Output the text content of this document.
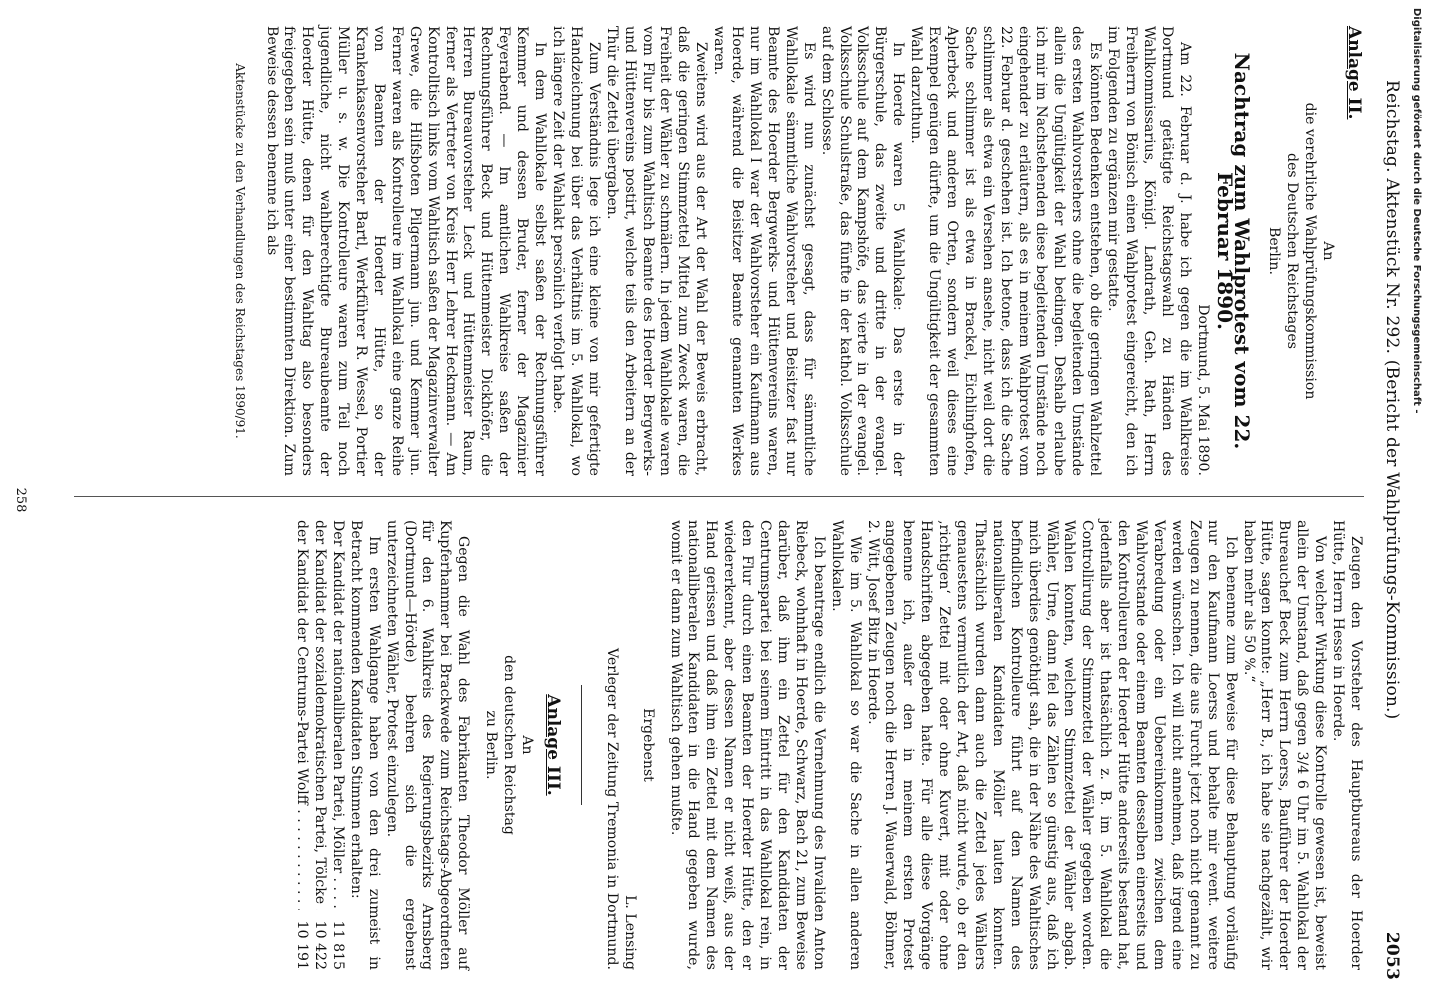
Digitalisierung gefördert durch die Deutsche Forschungsgemeinschaft -
Reichstag. Aktenstück Nr. 292. (Bericht der Wahlprüfungs-Kommission.)
2053

Anlage II.

An

die verehrliche Wahlprüfungskommission

des Deutschen Reichstages

Berlin.

Nachtrag zum Wahlprotest vom 22. Februar 1890.

Dortmund, 5. Mai 1890.

Am 22. Februar d. J. habe ich gegen die im Wahlkreise Dortmund getätigte Reichstagswahl zu Händen des Wahlkommissarius, Königl. Landrath, Geh. Rath, Herrn Freiherrn von Bönisch einen Wahlprotest eingereicht, den ich im Folgenden zu ergänzen mir gestatte.

Es könnten Bedenken entstehen, ob die geringen Wahlzettel des ersten Wahlvorstehers ohne die begleitenden Umstände allein die Ungültigkeit der Wahl bedingen. Deshalb erlaube ich mir im Nachstehenden diese begleitenden Umstände noch eingehender zu erläutern, als es in meinem Wahlprotest vom 22. Februar d. geschehen ist. Ich betone, dass ich die Sache schlimmer als etwa ein Versehen ansehe, nicht weil dort die Sache schlimmer ist als etwa in Brackel, Eichlinghofen, Aplerbeck und anderen Orten, sondern weil dieses eine Exempel genügen dürfte, um die Ungültigkeit der gesammten Wahl darzuthun.

In Hoerde waren 5 Wahllokale: Das erste in der Bürgerschule, das zweite und dritte in der evangel. Volksschule auf dem Kampshöfe, das vierte in der evangel. Volksschule Schulstraße, das fünfte in der kathol. Volksschule auf dem Schlosse.

Es wird nun zunächst gesagt, dass für sämmtliche Wahllokale sämmtliche Wahlvorsteher und Beisitzer fast nur Beamte des Hoerder Bergwerks- und Hüttenvereins waren, nur im Wahllokal I war der Wahlvorsteher ein Kaufmann aus Hoerde, während die Beisitzer Beamte genannten Werkes waren.

Zweitens wird aus der Art der Wahl der Beweis erbracht, daß die geringen Stimmzettel Mittel zum Zweck waren, die Freiheit der Wähler zu schmälern. In jedem Wahllokale waren vom Flur bis zum Wahltisch Beamte des Hoerder Bergwerks- und Hüttenvereins postirt, welche teils den Arbeitern an der Thür die Zettel übergaben.

Zum Verständnis lege ich eine kleine von mir gefertigte Handzeichnung bei über das Verhältnis im 5. Wahllokal, wo ich längere Zeit der Wahlakt persönlich verfolgt habe.

In dem Wahllokale selbst saßen der Rechnungsführer Kemmer und dessen Bruder, ferner der Magazinier Feyerabend. — Im amtlichen Wahlkreise saßen der Rechnungsführer Beck und Hüttenmeister Dickhöfer, die Herren Bureauvorsteher Leck und Hüttenmeister Raum, ferner als Vertreter von Kreis Herr Lehrer Heckmann. — Am Kontrolltisch links vom Wahltisch saßen der Magazinverwalter Grewe, die Hilfsboten Pilgermann jun. und Kemmer jun. Ferner waren als Kontrolleure im Wahllokal eine ganze Reihe von Beamten der Hoerder Hütte, so der Krankenkassenvorsteher Bartl, Werkführer R. Wessel, Portier Müller u. s. w. Die Kontrolleure waren zum Teil noch jugendliche, nicht wahlberechtigte Bureaubeamte der Hoerder Hütte, denen für den Wahltag also besonders freigegeben sein muß unter einer bestimmten Direktion. Zum Beweise dessen benenne ich als

Aktenstücke zu den Verhandlungen des Reichstages 1890/91.

Zeugen den Vorsteher des Hauptbureaus der Hoerder Hütte, Herrn Hesse in Hoerde.

Von welcher Wirkung diese Kontrolle gewesen ist, beweist allein der Umstand, daß gegen 3/4 6 Uhr im 5. Wahllokal der Bureauchef Beck zum Herrn Loerss, Bauführer der Hoerder Hütte, sagen konnte: „Herr B., ich habe sie nachgezählt, wir haben mehr als 50 %.“

Ich benenne zum Beweise für diese Behauptung vorläufig nur den Kaufmann Loerss und behalte mir event. weitere Zeugen zu nennen, die aus Furcht jetzt noch nicht genannt zu werden wünschen. Ich will nicht annehmen, daß irgend eine Verabredung oder ein Uebereinkommen zwischen dem Wahlvorstande oder einem Beamten desselben einerseits und den Kontrolleuren der Hoerder Hütte anderseits bestand hat, jedenfalls aber ist thatsächlich z. B. im 5. Wahllokal die Controllirung der Stimmzettel der Wähler gegeben worden. Wahlen konnten, welchen Stimmzettel der Wähler abgab. Wähler, Urne, dann fiel das Zählen so günstig aus, daß ich mich überdies genöthigt sah, die in der Nähe des Wahltisches befindlichen Kontrolleure führt auf den Namen des nationalliberalen Kandidaten Möller lauten konnten. Thatsächlich wurden dann auch die Zettel jedes Wählers genauestens vermutlich der Art, daß nicht wurde, ob er den ‚richtigen‘ Zettel mit oder ohne Kuvert, mit oder ohne Handschriften abgegeben hatte. Für alle diese Vorgänge benenne ich, außer den in meinem ersten Protest angegebenen Zeugen noch die Herren J. Wauerwald, Böhmer, 2. Witt, Josef Bitz in Hoerde.

Wie im 5. Wahllokal so war die Sache in allen anderen Wahllokalen.

Ich beantrage endlich die Vernehmung des Invaliden Anton Riebeck, wohnhaft in Hoerde, Schwarz, Bach 21, zum Beweise darüber, daß ihm ein Zettel für den Kandidaten der Centrumspartei bei seinem Eintritt in das Wahllokal rein, in den Flur durch einen Beamten der Hoerder Hütte, den er wiedererkennt, aber dessen Namen er nicht weiß, aus der Hand gerissen und daß ihm ein Zettel mit dem Namen des nationalliberalen Kandidaten in die Hand gegeben wurde, womit er dann zum Wahltisch gehen mußte.

Ergebenst

L. Lensing

Verleger der Zeitung Tremonia in Dortmund.

Anlage III.

An

den deutschen Reichstag

zu Berlin.

Gegen die Wahl des Fabrikanten Theodor Möller auf Kupferhammer bei Brackwede zum Reichstags-Abgeordneten für den 6. Wahlkreis des Regierungsbezirks Arnsberg (Dortmund—Hörde) beehren sich die ergebenst unterzeichneten Wähler, Protest einzulegen.

Im ersten Wahlgange haben von den drei zumeist in Betracht kommenden Kandidaten Stimmen erhalten:

Der Kandidat der nationalliberalen Partei, Möller . . .
11 815
der Kandidat der sozialdemokratischen Partei, Tölcke . . .
10 422
der Kandidat der Centrums-Partei Wolff . . .
10 191
258
